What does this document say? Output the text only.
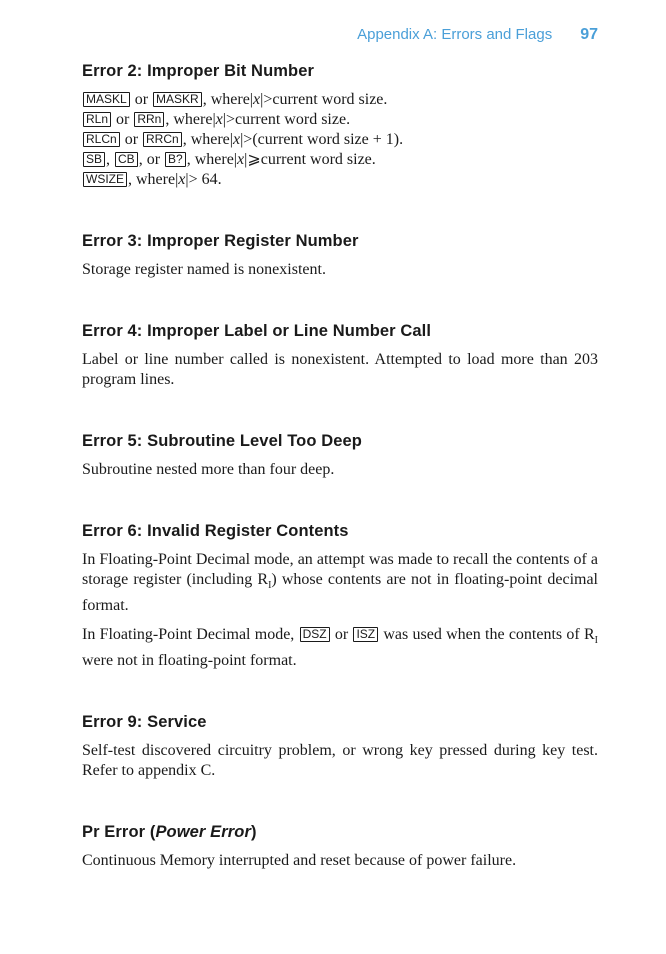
Appendix A: Errors and Flags 97
Error 2: Improper Bit Number
MASKL or MASKR , where|x|>current word size.
RLn or RRn , where|x|>current word size.
RLCn or RRCn , where|x|>(current word size + 1).
SB , CB , or B? , where|x|⩾current word size.
WSIZE , where|x|> 64.
Error 3: Improper Register Number

Storage register named is nonexistent.

Error 4: Improper Label or Line Number Call

Label or line number called is nonexistent. Attempted to load more than 203 program lines.

Error 5: Subroutine Level Too Deep

Subroutine nested more than four deep.

Error 6: Invalid Register Contents

In Floating-Point Decimal mode, an attempt was made to recall the contents of a storage register (including $R_I$) whose contents are not in floating-point decimal format.

In Floating-Point Decimal mode, DSZ or ISZ was used when the contents of $R_I$ were not in floating-point format.

Error 9: Service

Self-test discovered circuitry problem, or wrong key pressed during key test. Refer to appendix C.

Pr Error (Power Error)

Continuous Memory interrupted and reset because of power failure.
